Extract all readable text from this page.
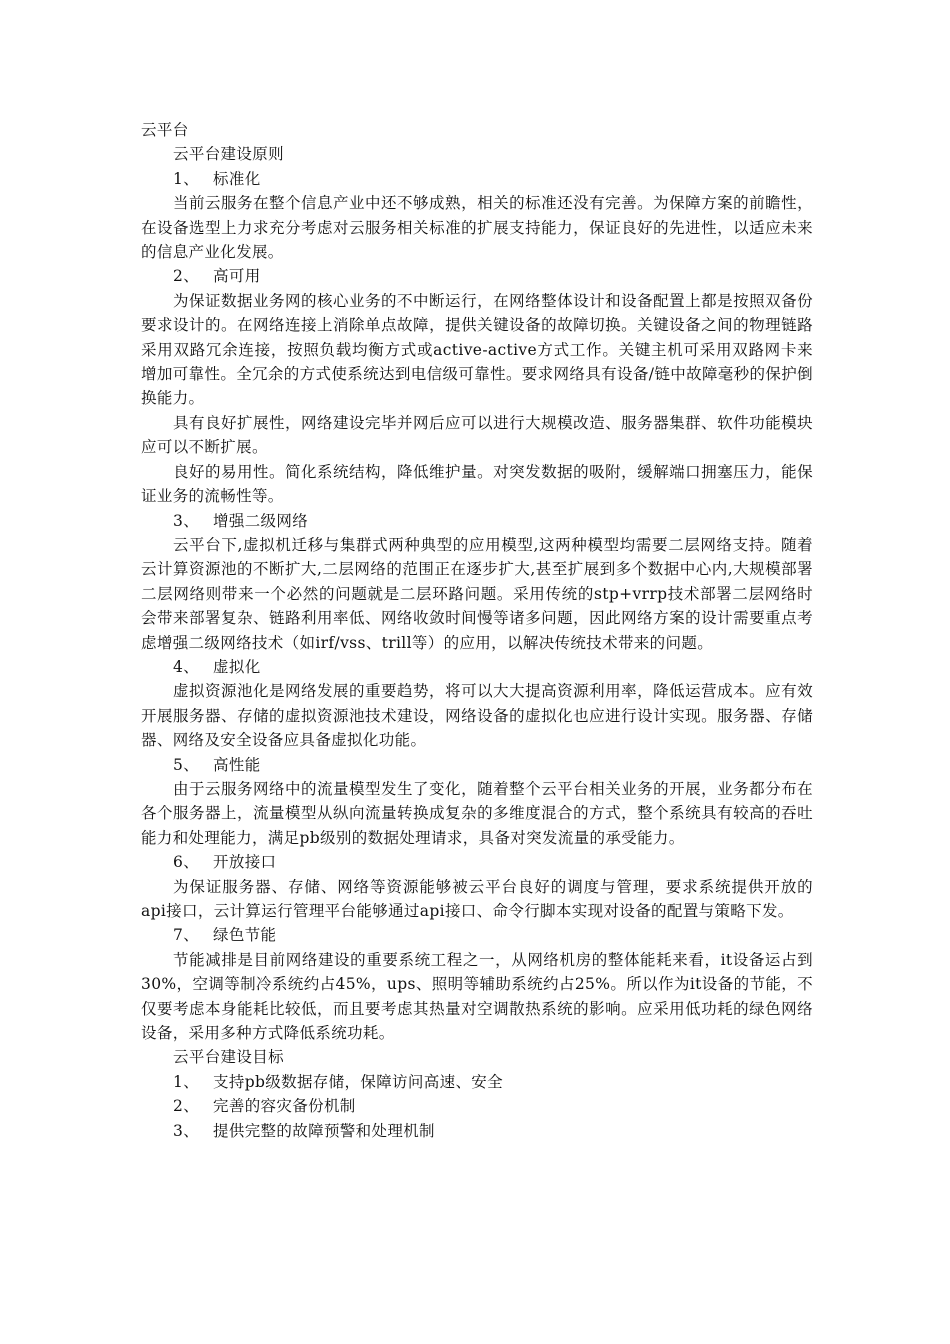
云平台

云平台建设原则

1、 标准化

当前云服务在整个信息产业中还不够成熟，相关的标准还没有完善。为保障方案的前瞻性，在设备选型上力求充分考虑对云服务相关标准的扩展支持能力，保证良好的先进性，以适应未来的信息产业化发展。

2、 高可用

为保证数据业务网的核心业务的不中断运行，在网络整体设计和设备配置上都是按照双备份要求设计的。在网络连接上消除单点故障，提供关键设备的故障切换。关键设备之间的物理链路采用双路冗余连接，按照负载均衡方式或active-active方式工作。关键主机可采用双路网卡来增加可靠性。全冗余的方式使系统达到电信级可靠性。要求网络具有设备/链中故障毫秒的保护倒换能力。

具有良好扩展性，网络建设完毕并网后应可以进行大规模改造、服务器集群、软件功能模块应可以不断扩展。

良好的易用性。简化系统结构，降低维护量。对突发数据的吸附，缓解端口拥塞压力，能保证业务的流畅性等。

3、 增强二级网络

云平台下,虚拟机迁移与集群式两种典型的应用模型,这两种模型均需要二层网络支持。随着云计算资源池的不断扩大,二层网络的范围正在逐步扩大,甚至扩展到多个数据中心内,大规模部署二层网络则带来一个必然的问题就是二层环路问题。采用传统的stp+vrrp技术部署二层网络时会带来部署复杂、链路利用率低、网络收敛时间慢等诸多问题，因此网络方案的设计需要重点考虑增强二级网络技术（如irf/vss、trill等）的应用，以解决传统技术带来的问题。

4、 虚拟化

虚拟资源池化是网络发展的重要趋势，将可以大大提高资源利用率，降低运营成本。应有效开展服务器、存储的虚拟资源池技术建设，网络设备的虚拟化也应进行设计实现。服务器、存储器、网络及安全设备应具备虚拟化功能。

5、 高性能

由于云服务网络中的流量模型发生了变化，随着整个云平台相关业务的开展，业务都分布在各个服务器上，流量模型从纵向流量转换成复杂的多维度混合的方式，整个系统具有较高的吞吐能力和处理能力，满足pb级别的数据处理请求，具备对突发流量的承受能力。

6、 开放接口

为保证服务器、存储、网络等资源能够被云平台良好的调度与管理，要求系统提供开放的api接口，云计算运行管理平台能够通过api接口、命令行脚本实现对设备的配置与策略下发。

7、 绿色节能

节能减排是目前网络建设的重要系统工程之一，从网络机房的整体能耗来看，it设备运占到30%，空调等制冷系统约占45%，ups、照明等辅助系统约占25%。所以作为it设备的节能，不仅要考虑本身能耗比较低，而且要考虑其热量对空调散热系统的影响。应采用低功耗的绿色网络设备，采用多种方式降低系统功耗。

云平台建设目标

1、 支持pb级数据存储，保障访问高速、安全

2、 完善的容灾备份机制

3、 提供完整的故障预警和处理机制
